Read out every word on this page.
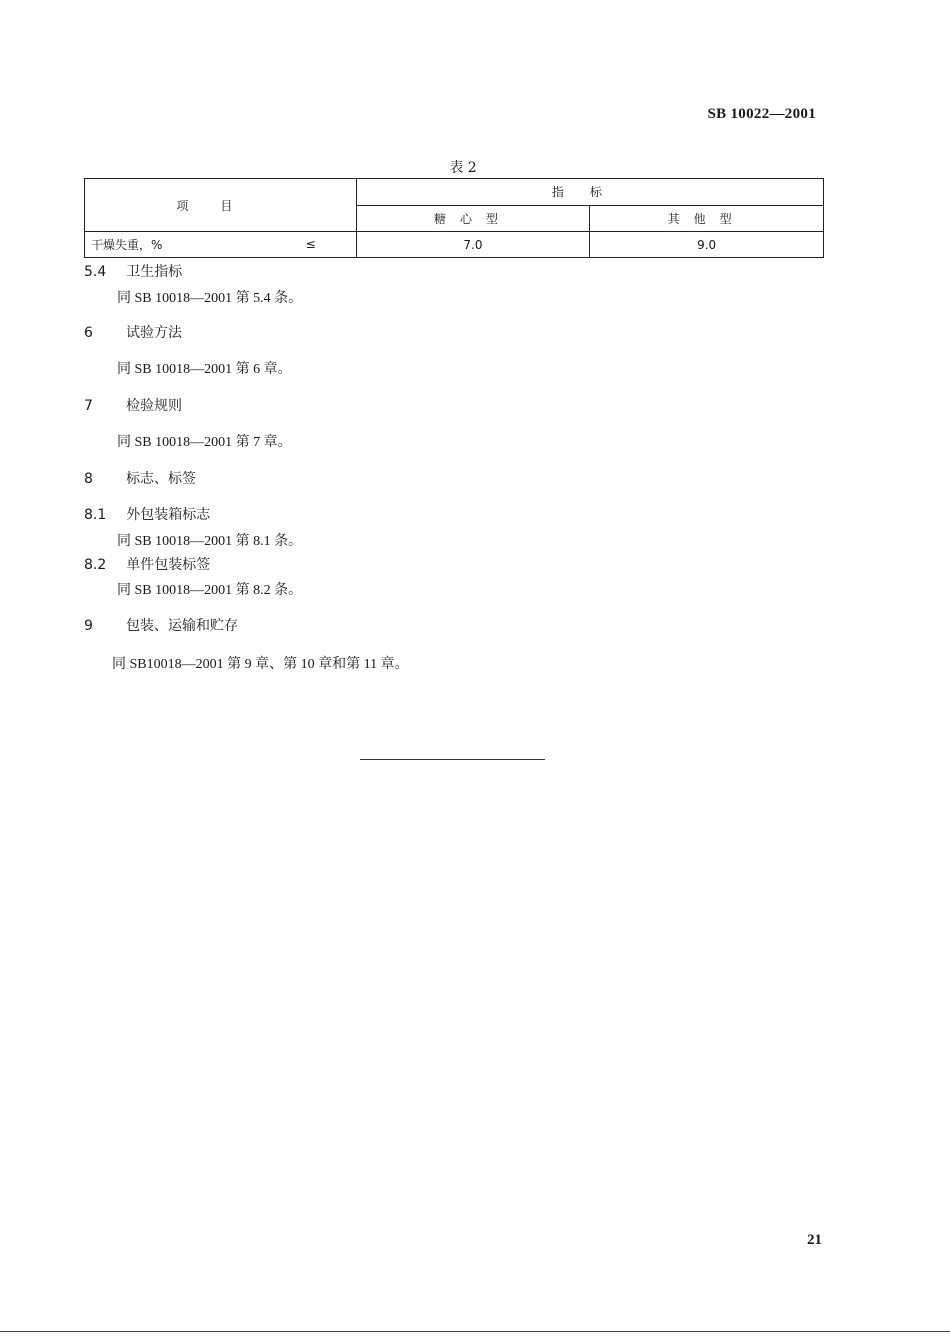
SB 10022—2001
表 2
项目	指标	
	糖心型	其他型
干燥失重，% ≤	7.0	9.0
5.4 卫生指标
同 SB 10018—2001 第 5.4 条。
6 试验方法
同 SB 10018—2001 第 6 章。
7 检验规则
同 SB 10018—2001 第 7 章。
8 标志、标签
8.1 外包装箱标志
同 SB 10018—2001 第 8.1 条。
8.2 单件包装标签
同 SB 10018—2001 第 8.2 条。
9 包装、运输和贮存
同 SB10018—2001 第 9 章、第 10 章和第 11 章。
21
